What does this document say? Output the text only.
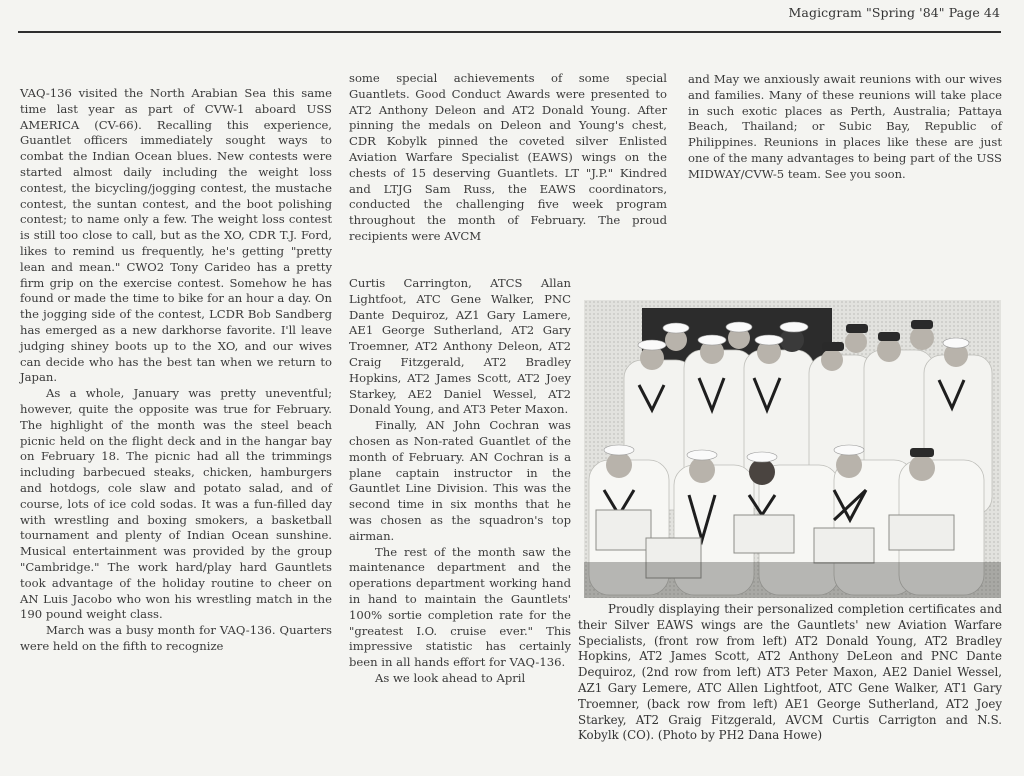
Magicgram "Spring '84" Page 44

VAQ-136 visited the North Arabian Sea this same time last year as part of CVW-1 aboard USS AMERICA (CV-66). Recalling this experience, Guantlet officers immediately sought ways to combat the Indian Ocean blues. New contests were started almost daily including the weight loss contest, the bicycling/jogging contest, the mustache contest, the suntan contest, and the boot polishing contest; to name only a few. The weight loss contest is still too close to call, but as the XO, CDR T.J. Ford, likes to remind us frequently, he's getting "pretty lean and mean." CWO2 Tony Carideo has a pretty firm grip on the exercise contest. Somehow he has found or made the time to bike for an hour a day. On the jogging side of the contest, LCDR Bob Sandberg has emerged as a new darkhorse favorite. I'll leave judging shiney boots up to the XO, and our wives can decide who has the best tan when we return to Japan.

As a whole, January was pretty uneventful; however, quite the opposite was true for February. The highlight of the month was the steel beach picnic held on the flight deck and in the hangar bay on February 18. The picnic had all the trimmings including barbecued steaks, chicken, hamburgers and hotdogs, cole slaw and potato salad, and of course, lots of ice cold sodas. It was a fun-filled day with wrestling and boxing smokers, a basketball tournament and plenty of Indian Ocean sunshine. Musical entertainment was provided by the group "Cambridge." The work hard/play hard Gauntlets took advantage of the holiday routine to cheer on AN Luis Jacobo who won his wrestling match in the 190 pound weight class.

March was a busy month for VAQ-136. Quarters were held on the fifth to recognize

some special achievements of some special Guantlets. Good Conduct Awards were presented to AT2 Anthony Deleon and AT2 Donald Young. After pinning the medals on Deleon and Young's chest, CDR Kobylk pinned the coveted silver Enlisted Aviation Warfare Specialist (EAWS) wings on the chests of 15 deserving Guantlets. LT "J.P." Kindred and LTJG Sam Russ, the EAWS coordinators, conducted the challenging five week program throughout the month of February. The proud recipients were AVCM

Curtis Carrington, ATCS Allan Lightfoot, ATC Gene Walker, PNC Dante Dequiroz, AZ1 Gary Lamere, AE1 George Sutherland, AT2 Gary Troemner, AT2 Anthony Deleon, AT2 Craig Fitzgerald, AT2 Bradley Hopkins, AT2 James Scott, AT2 Joey Starkey, AE2 Daniel Wessel, AT2 Donald Young, and AT3 Peter Maxon.

Finally, AN John Cochran was chosen as Non-rated Guantlet of the month of February. AN Cochran is a plane captain instructor in the Gauntlet Line Division. This was the second time in six months that he was chosen as the squadron's top airman.

The rest of the month saw the maintenance department and the operations department working hand in hand to maintain the Gauntlets' 100% sortie completion rate for the "greatest I.O. cruise ever." This impressive statistic has certainly been in all hands effort for VAQ-136.

As we look ahead to April

and May we anxiously await reunions with our wives and families. Many of these reunions will take place in such exotic places as Perth, Australia; Pattaya Beach, Thailand; or Subic Bay, Republic of Philippines. Reunions in places like these are just one of the many advantages to being part of the USS MIDWAY/CVW-5 team. See you soon.

Proudly displaying their personalized completion certificates and their Silver EAWS wings are the Gauntlets' new Aviation Warfare Specialists, (front row from left) AT2 Donald Young, AT2 Bradley Hopkins, AT2 James Scott, AT2 Anthony DeLeon and PNC Dante Dequiroz, (2nd row from left) AT3 Peter Maxon, AE2 Daniel Wessel, AZ1 Gary Lemere, ATC Allen Lightfoot, ATC Gene Walker, AT1 Gary Troemner, (back row from left) AE1 George Sutherland, AT2 Joey Starkey, AT2 Graig Fitzgerald, AVCM Curtis Carrigton and N.S. Kobylk (CO). (Photo by PH2 Dana Howe)
